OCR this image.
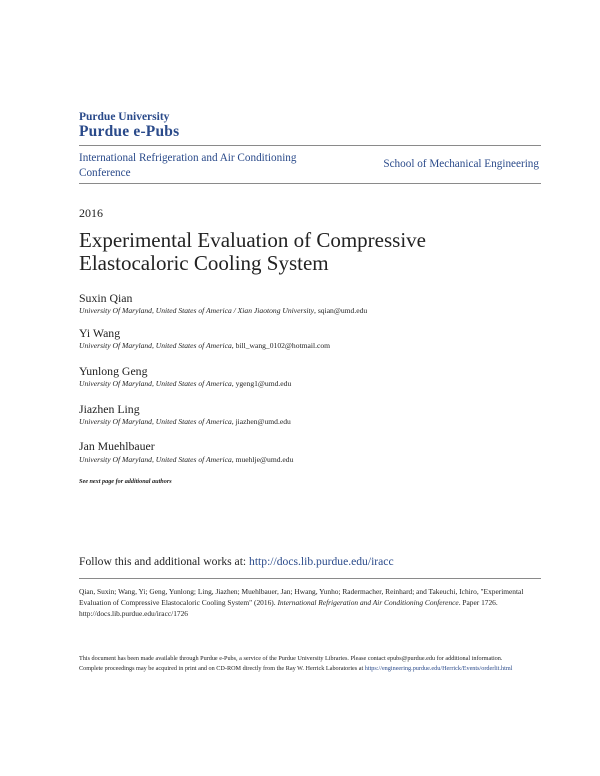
Purdue University
Purdue e-Pubs
International Refrigeration and Air Conditioning Conference
School of Mechanical Engineering
2016
Experimental Evaluation of Compressive Elastocaloric Cooling System
Suxin Qian
University Of Maryland, United States of America / Xian Jiaotong University, sqian@umd.edu
Yi Wang
University Of Maryland, United States of America, bill_wang_0102@hotmail.com
Yunlong Geng
University Of Maryland, United States of America, ygeng1@umd.edu
Jiazhen Ling
University Of Maryland, United States of America, jiazhen@umd.edu
Jan Muehlbauer
University Of Maryland, United States of America, muehlje@umd.edu
See next page for additional authors
Follow this and additional works at: http://docs.lib.purdue.edu/iracc
Qian, Suxin; Wang, Yi; Geng, Yunlong; Ling, Jiazhen; Muehlbauer, Jan; Hwang, Yunho; Radermacher, Reinhard; and Takeuchi, Ichiro, "Experimental Evaluation of Compressive Elastocaloric Cooling System" (2016). International Refrigeration and Air Conditioning Conference. Paper 1726.
http://docs.lib.purdue.edu/iracc/1726
This document has been made available through Purdue e-Pubs, a service of the Purdue University Libraries. Please contact epubs@purdue.edu for additional information.
Complete proceedings may be acquired in print and on CD-ROM directly from the Ray W. Herrick Laboratories at https://engineering.purdue.edu/Herrick/Events/orderlit.html
